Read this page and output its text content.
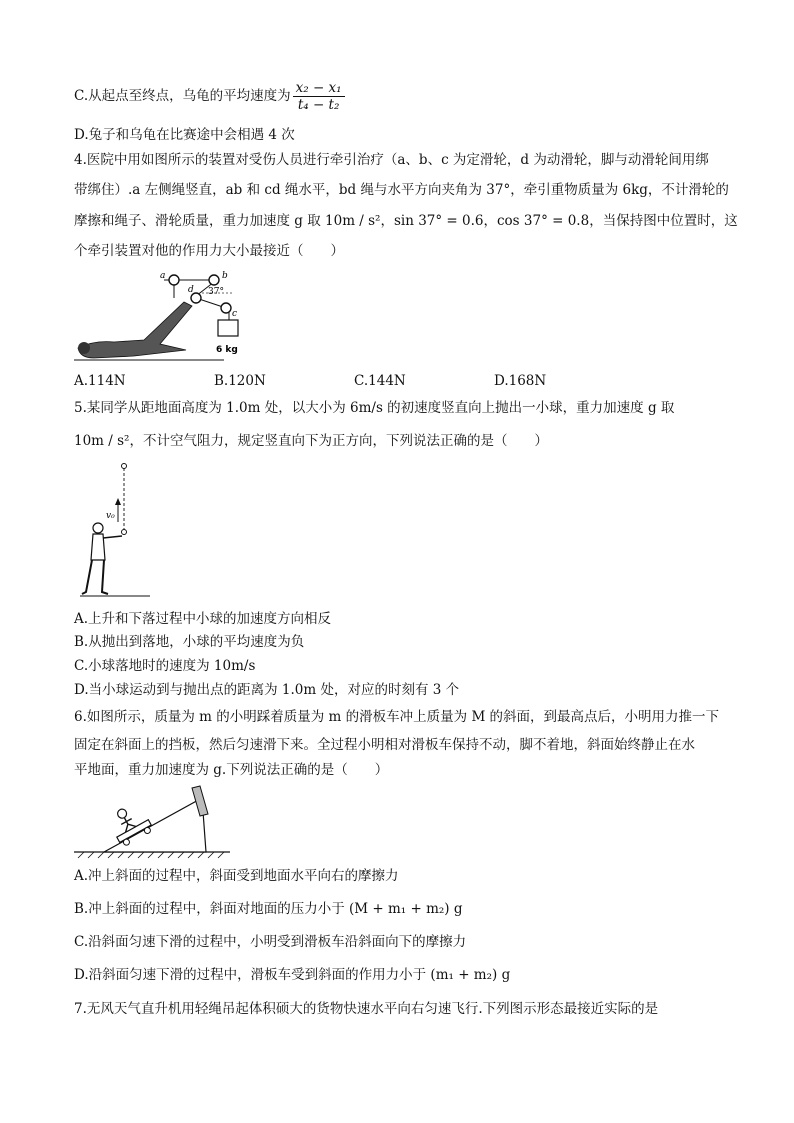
C.从起点至终点，乌龟的平均速度为 $\frac{\text{x₂ − x₁}}{\text{t₄ − t₂}}$
D.兔子和乌龟在比赛途中会相遇 4 次
4.医院中用如图所示的装置对受伤人员进行牵引治疗（a、b、c 为定滑轮，d 为动滑轮，脚与动滑轮间用绑
带绑住）.a 左侧绳竖直，ab 和 cd 绳水平，bd 绳与水平方向夹角为 37°，牵引重物质量为 6kg，不计滑轮的
摩擦和绳子、滑轮质量，重力加速度 g 取 10m / s²，sin 37° = 0.6，cos 37° = 0.8，当保持图中位置时，这
个牵引装置对他的作用力大小最接近（　　）
a	b
c
d 37°
6 kg
A.114N	B.120N	C.144N	D.168N
5.某同学从距地面高度为 1.0m 处，以大小为 6m/s 的初速度竖直向上抛出一小球，重力加速度 g 取
10m / s²，不计空气阻力，规定竖直向下为正方向，下列说法正确的是（　　）
v₀
A.上升和下落过程中小球的加速度方向相反
B.从抛出到落地，小球的平均速度为负
C.小球落地时的速度为 10m/s
D.当小球运动到与抛出点的距离为 1.0m 处，对应的时刻有 3 个
6.如图所示，质量为 m 的小明踩着质量为 m 的滑板车冲上质量为 M 的斜面，到最高点后，小明用力推一下
固定在斜面上的挡板，然后匀速滑下来。全过程小明相对滑板车保持不动，脚不着地，斜面始终静止在水
平地面，重力加速度为 g.下列说法正确的是（　　）
A.冲上斜面的过程中，斜面受到地面水平向右的摩擦力
B.冲上斜面的过程中，斜面对地面的压力小于 (M + m₁ + m₂) g
C.沿斜面匀速下滑的过程中，小明受到滑板车沿斜面向下的摩擦力
D.沿斜面匀速下滑的过程中，滑板车受到斜面的作用力小于 (m₁ + m₂) g
7.无风天气直升机用轻绳吊起体积硕大的货物快速水平向右匀速飞行.下列图示形态最接近实际的是
